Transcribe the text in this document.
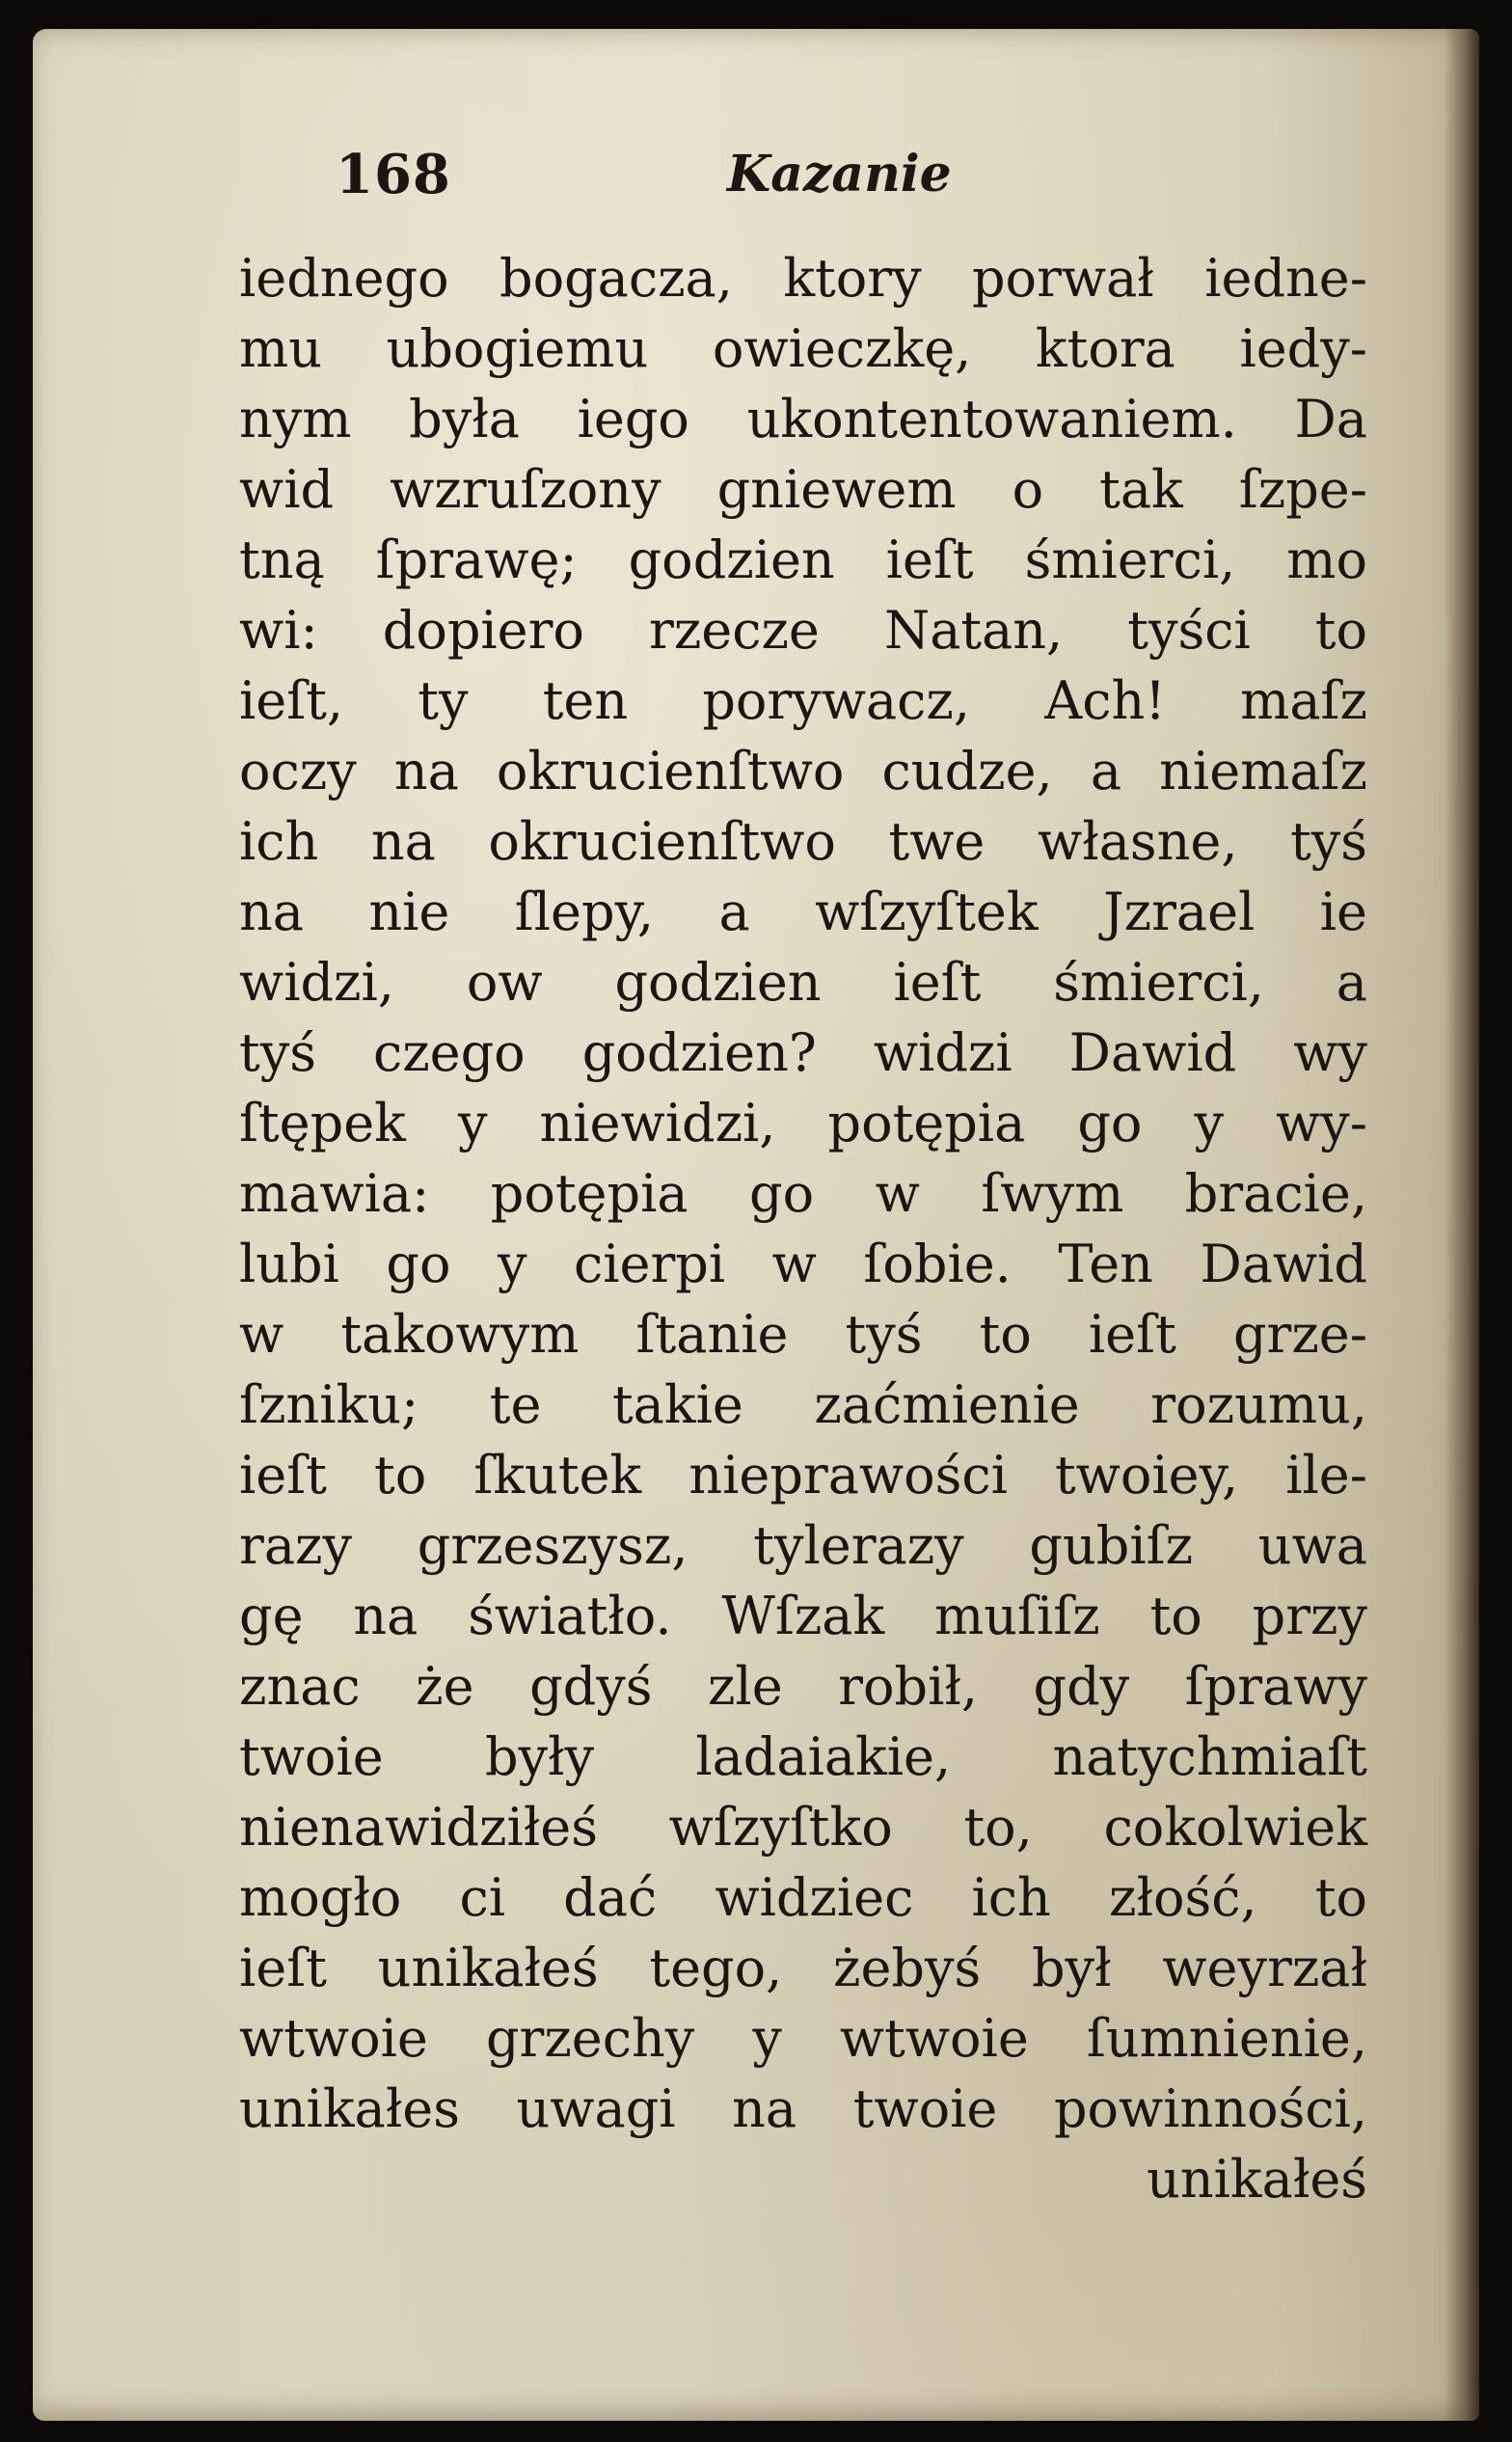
168	Kazanie
iednego bogacza, ktory porwał iedne-
mu ubogiemu owieczkę, ktora iedy-
nym była iego ukontentowaniem. Da
wid wzruſzony gniewem o tak ſzpe-
tną ſprawę; godzien ieſt śmierci, mo
wi: dopiero rzecze Natan, tyści to
ieſt, ty ten porywacz, Ach! maſz
oczy na okrucienſtwo cudze, a niemaſz
ich na okrucienſtwo twe własne, tyś
na nie ſlepy, a wſzyſtek Jzrael ie
widzi, ow godzien ieſt śmierci, a
tyś czego godzien? widzi Dawid wy
ſtępek y niewidzi, potępia go y wy-
mawia: potępia go w ſwym bracie,
lubi go y cierpi w ſobie. Ten Dawid
w takowym ſtanie tyś to ieſt grze-
ſzniku; te takie zaćmienie rozumu,
ieſt to ſkutek nieprawości twoiey, ile-
razy grzeszysz, tylerazy gubiſz uwa
gę na światło. Wſzak muſiſz to przy
znac że gdyś zle robił, gdy ſprawy
twoie były ladaiakie, natychmiaſt
nienawidziłeś wſzyſtko to, cokolwiek
mogło ci dać widziec ich złość, to
ieſt unikałeś tego, żebyś był weyrzał
wtwoie grzechy y wtwoie ſumnienie,
unikałes uwagi na twoie powinności,
unikałeś
